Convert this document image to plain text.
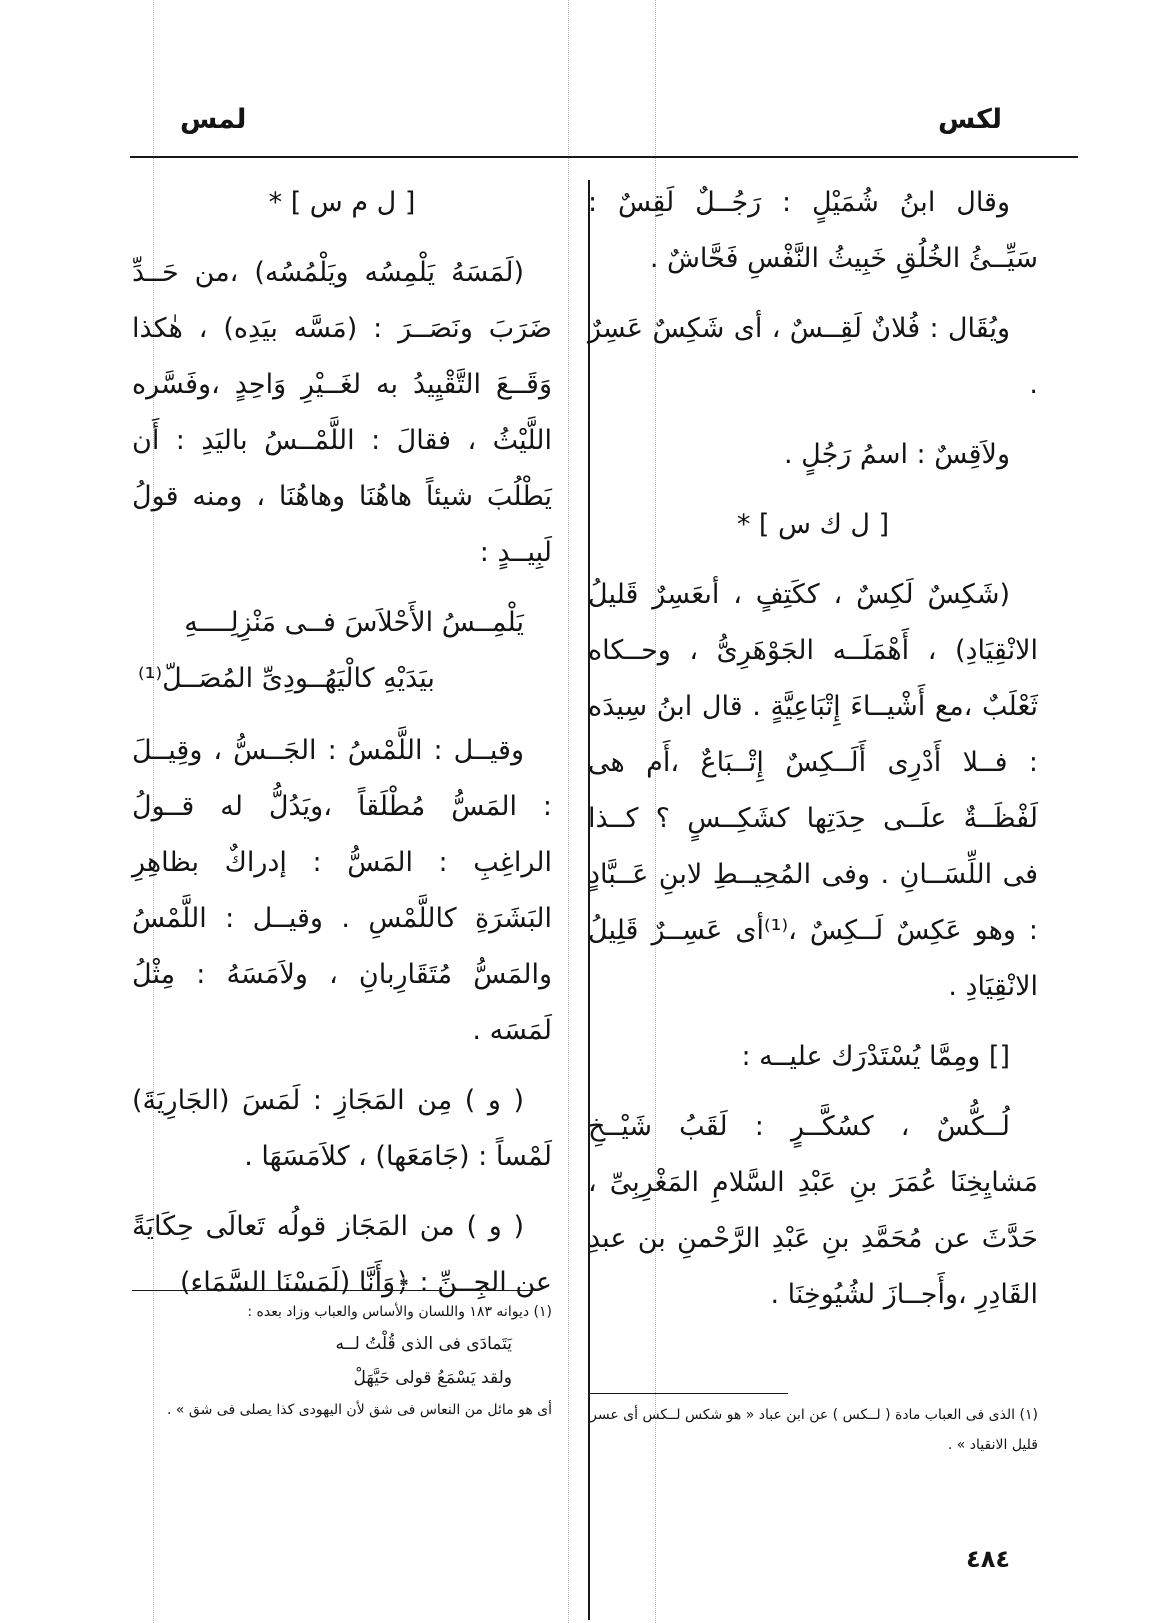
لكس
لمس

وقال ابنُ شُمَيْلٍ : رَجُــلٌ لَقِسٌ : سَيِّــئُ الخُلُقِ خَبِيثُ النَّفْسِ فَحَّاشٌ .

ويُقَال : فُلانٌ لَقِــسٌ ، أى شَكِسٌ عَسِرٌ .

ولاَقِسٌ : اسمُ رَجُلٍ .

[ ل ك س ] *

(شَكِسٌ لَكِسٌ ، ككَتِفٍ ، أىعَسِرٌ قَليلُ الانْقِيَادِ) ، أَهْمَلَــه الجَوْهَرِىُّ ، وحــكاه ثَعْلَبٌ ،مع أَشْيــاءَ إِتْبَاعِيَّةٍ . قال ابنُ سِيدَه : فــلا أَدْرِى أَلَــكِسٌ إِتْــبَاعٌ ،أَم هى لَفْظَــةٌ علَــى حِدَتِها كشَكِــسٍ ؟ كــذا فى اللِّسَــانِ . وفى المُحِيــطِ لابنِ عَــبَّادٍ : وهو عَكِسٌ لَــكِسٌ ،⁽¹⁾أى عَسِــرٌ قَلِيلُ الانْقِيَادِ .

[] ومِمَّا يُسْتَدْرَك عليــه :

لُــكُّسٌ ، كسُكَّــرٍ : لَقَبُ شَيْــخِ مَشايِخِنَا عُمَرَ بنِ عَبْدِ السَّلامِ المَغْرِبِىِّ ، حَدَّثَ عن مُحَمَّدِ بنِ عَبْدِ الرَّحْمنِ بن عبدِ القَادِرِ ،وأَجــازَ لشُيُوخِنَا .

[ ل م س ] *

(لَمَسَهُ يَلْمِسُه ويَلْمُسُه) ،من حَــدِّ ضَرَبَ ونَصَــرَ : (مَسَّه بيَدِه) ، هٰكذا وَقَــعَ التَّقْيِيدُ به لغَــيْرِ وَاحِدٍ ،وفَسَّره اللَّيْثُ ، فقالَ : اللَّمْــسُ باليَدِ : أَن يَطْلُبَ شيئاً هاهُنَا وهاهُنَا ، ومنه قولُ لَبِيــدٍ :

يَلْمِــسُ الأَحْلاَسَ فــى مَنْزِلِــــهِ
بيَدَيْهِ كالْيَهُــودِىِّ المُصَــلّ⁽¹⁾

وقيــل : اللَّمْسُ : الجَــسُّ ، وقِيــلَ : المَسُّ مُطْلَقاً ،ويَدُلُّ له قــولُ الراغِبِ : المَسُّ : إدراكٌ بظاهِرِ البَشَرَةِ كاللَّمْسِ . وقيــل : اللَّمْسُ والمَسُّ مُتَقَارِبانِ ، ولاَمَسَهُ : مِثْلُ لَمَسَه .

( و ) مِن المَجَازِ : لَمَسَ (الجَارِيَةَ) لَمْساً : (جَامَعَها) ، كلاَمَسَهَا .

( و ) من المَجَاز قولُه تَعالَى حِكَايَةً عن الجِــنِّ : ﴿وَأَنَّا (لَمَسْنَا السَّمَاء)

(١) الذى فى العباب مادة ( لــكس ) عن ابن عباد « هو شكس لــكس أى عسر قليل الانقياد » .

(١) ديوانه ١٨٣ واللسان والأساس والعباب وزاد بعده :

يَتَمادَى فى الذى قُلْتُ لــه
ولقد يَسْمَعُ قولى حَيَّهَلْ

أى هو مائل من النعاس فى شق لأن اليهودى كذا يصلى فى شق » .

٤٨٤
